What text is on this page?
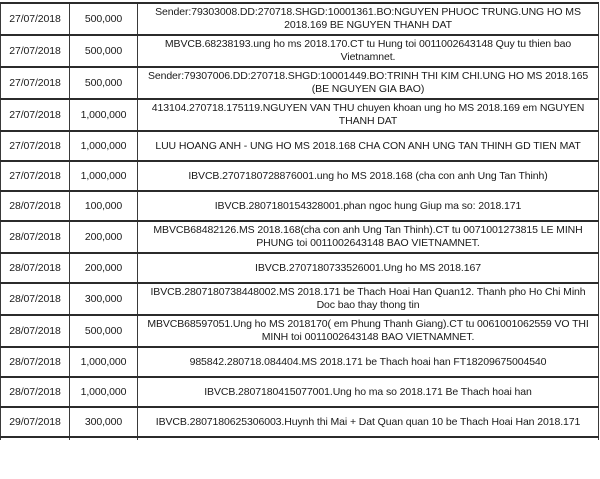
27/07/2018	500,000	Sender:79303008.DD:270718.SHGD:10001361.BO:NGUYEN PHUOC TRUNG.UNG HO MS 2018.169 BE NGUYEN THANH DAT
27/07/2018	500,000	MBVCB.68238193.ung ho ms 2018.170.CT tu Hung toi 0011002643148 Quy tu thien bao Vietnamnet.
27/07/2018	500,000	Sender:79307006.DD:270718.SHGD:10001449.BO:TRINH THI KIM CHI.UNG HO MS 2018.165 (BE NGUYEN GIA BAO)
27/07/2018	1,000,000	413104.270718.175119.NGUYEN VAN THU chuyen khoan ung ho MS 2018.169 em NGUYEN THANH DAT
27/07/2018	1,000,000	LUU HOANG ANH - UNG HO MS 2018.168 CHA CON ANH UNG TAN THINH GD TIEN MAT
27/07/2018	1,000,000	IBVCB.2707180728876001.ung ho MS 2018.168 (cha con anh Ung Tan Thinh)
28/07/2018	100,000	IBVCB.2807180154328001.phan ngoc hung Giup ma so: 2018.171
28/07/2018	200,000	MBVCB68482126.MS 2018.168(cha con anh Ung Tan Thinh).CT tu 0071001273815 LE MINH PHUNG toi 0011002643148 BAO VIETNAMNET.
28/07/2018	200,000	IBVCB.2707180733526001.Ung ho MS 2018.167
28/07/2018	300,000	IBVCB.2807180738448002.MS 2018.171 be Thach Hoai Han Quan12. Thanh pho Ho Chi Minh Doc bao thay thong tin
28/07/2018	500,000	MBVCB68597051.Ung ho MS 2018170( em Phung Thanh Giang).CT tu 0061001062559 VO THI MINH toi 0011002643148 BAO VIETNAMNET.
28/07/2018	1,000,000	985842.280718.084404.MS 2018.171 be Thach hoai han FT18209675004540
28/07/2018	1,000,000	IBVCB.2807180415077001.Ung ho ma so 2018.171 Be Thach hoai han
29/07/2018	300,000	IBVCB.2807180625306003.Huynh thi Mai + Dat Quan quan 10 be Thach Hoai Han 2018.171
